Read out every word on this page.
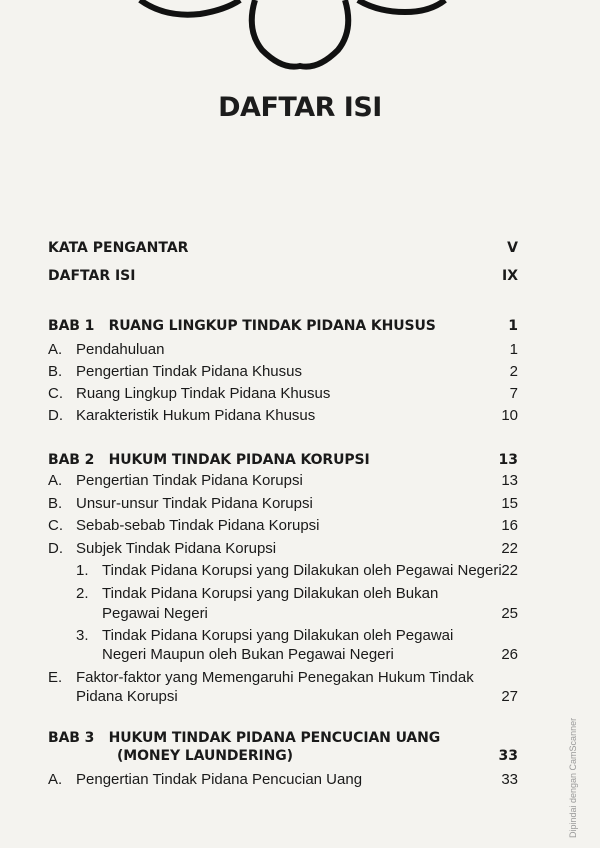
DAFTAR ISI
KATA PENGANTAR	V
DAFTAR ISI	IX
BAB 1   RUANG LINGKUP TINDAK PIDANA KHUSUS	1
A. Pendahuluan	1
B. Pengertian Tindak Pidana Khusus	2
C. Ruang Lingkup Tindak Pidana Khusus	7
D. Karakteristik Hukum Pidana Khusus	10
BAB 2   HUKUM TINDAK PIDANA KORUPSI	13
A. Pengertian Tindak Pidana Korupsi	13
B. Unsur-unsur Tindak Pidana Korupsi	15
C. Sebab-sebab Tindak Pidana Korupsi	16
D. Subjek Tindak Pidana Korupsi	22
1. Tindak Pidana Korupsi yang Dilakukan oleh Pegawai Negeri 22
2. Tindak Pidana Korupsi yang Dilakukan oleh Bukan
Pegawai Negeri	25
3. Tindak Pidana Korupsi yang Dilakukan oleh Pegawai
Negeri Maupun oleh Bukan Pegawai Negeri	26
E. Faktor-faktor yang Memengaruhi Penegakan Hukum Tindak
Pidana Korupsi	27
BAB 3   HUKUM TINDAK PIDANA PENCUCIAN UANG
(MONEY LAUNDERING)	33
A. Pengertian Tindak Pidana Pencucian Uang	33	Dipindai dengan CamScanner
